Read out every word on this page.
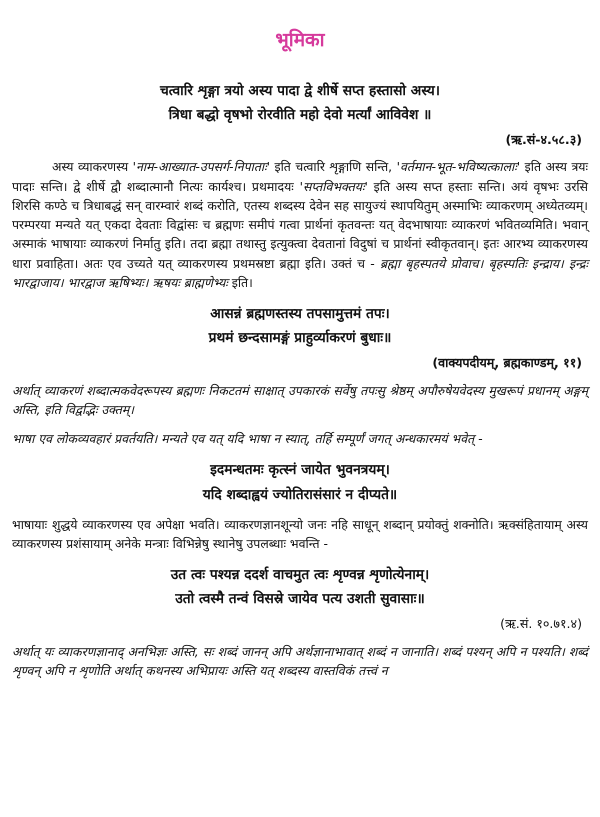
भूमिका
चत्वारि शृङ्गा त्रयो अस्य पादा द्वे शीर्षे सप्त हस्तासो अस्य।
त्रिधा बद्धो वृषभो रोरवीति महो देवो मर्त्यां आविवेश ॥
(ऋ.सं-४.५८.३)

अस्य व्याकरणस्य 'नाम-आख्यात-उपसर्ग-निपाताः' इति चत्वारि शृङ्गाणि सन्ति, 'वर्तमान-भूत-भविष्यत्कालाः' इति अस्य त्रयः पादाः सन्ति। द्वे शीर्षे द्वौ शब्दात्मानौ नित्यः कार्यश्च। प्रथमादयः 'सप्तविभक्तयः' इति अस्य सप्त हस्ताः सन्ति। अयं वृषभः उरसि शिरसि कण्ठे च त्रिधाबद्धं सन् वारम्वारं शब्दं करोति, एतस्य शब्दस्य देवेन सह सायुज्यं स्थापयितुम् अस्माभिः व्याकरणम् अध्येतव्यम्। परम्परया मन्यते यत् एकदा देवताः विद्वांसः च ब्रह्मणः समीपं गत्वा प्रार्थनां कृतवन्तः यत् वेदभाषायाः व्याकरणं भवितव्यमिति। भवान् अस्माकं भाषायाः व्याकरणं निर्मातु इति। तदा ब्रह्मा तथास्तु इत्युक्त्वा देवतानां विदुषां च प्रार्थनां स्वीकृतवान्। इतः आरभ्य व्याकरणस्य धारा प्रवाहिता। अतः एव उच्यते यत् व्याकरणस्य प्रथमस्रष्टा ब्रह्मा इति। उक्तं च - ब्रह्मा बृहस्पतये प्रोवाच। बृहस्पतिः इन्द्राय। इन्द्रः भारद्वाजाय। भारद्वाज ऋषिभ्यः। ऋषयः ब्राह्मणेभ्यः इति।

आसन्नं ब्रह्मणस्तस्य तपसामुत्तमं तपः।
प्रथमं छन्दसामङ्गं प्राहुर्व्याकरणं बुधाः॥
(वाक्यपदीयम्, ब्रह्मकाण्डम्, ११)

अर्थात् व्याकरणं शब्दात्मकवेदरूपस्य ब्रह्मणः निकटतमं साक्षात् उपकारकं सर्वेषु तपःसु श्रेष्ठम् अपौरुषेयवेदस्य मुखरूपं प्रधानम् अङ्गम् अस्ति, इति विद्वद्भिः उक्तम्।

भाषा एव लोकव्यवहारं प्रवर्तयति। मन्यते एव यत् यदि भाषा न स्यात्, तर्हि सम्पूर्णं जगत् अन्धकारमयं भवेत् -

इदमन्धतमः कृत्स्नं जायेत भुवनत्रयम्।
यदि शब्दाह्वयं ज्योतिरासंसारं न दीप्यते॥

भाषायाः शुद्धये व्याकरणस्य एव अपेक्षा भवति। व्याकरणज्ञानशून्यो जनः नहि साधून् शब्दान् प्रयोक्तुं शक्नोति। ऋक्संहितायाम् अस्य व्याकरणस्य प्रशंसायाम् अनेके मन्त्राः विभिन्नेषु स्थानेषु उपलब्धाः भवन्ति -

उत त्वः पश्यन्न ददर्श वाचमुत त्वः शृण्वन्न शृणोत्येनाम्।
उतो त्वस्मै तन्वं विसस्रे जायेव पत्य उशती सुवासाः॥
(ऋ.सं. १०.७१.४)

अर्थात् यः व्याकरणज्ञानाद् अनभिज्ञः अस्ति, सः शब्दं जानन् अपि अर्थज्ञानाभावात् शब्दं न जानाति। शब्दं पश्यन् अपि न पश्यति। शब्दं शृण्वन् अपि न शृणोति अर्थात् कथनस्य अभिप्रायः अस्ति यत् शब्दस्य वास्तविकं तत्त्वं न
